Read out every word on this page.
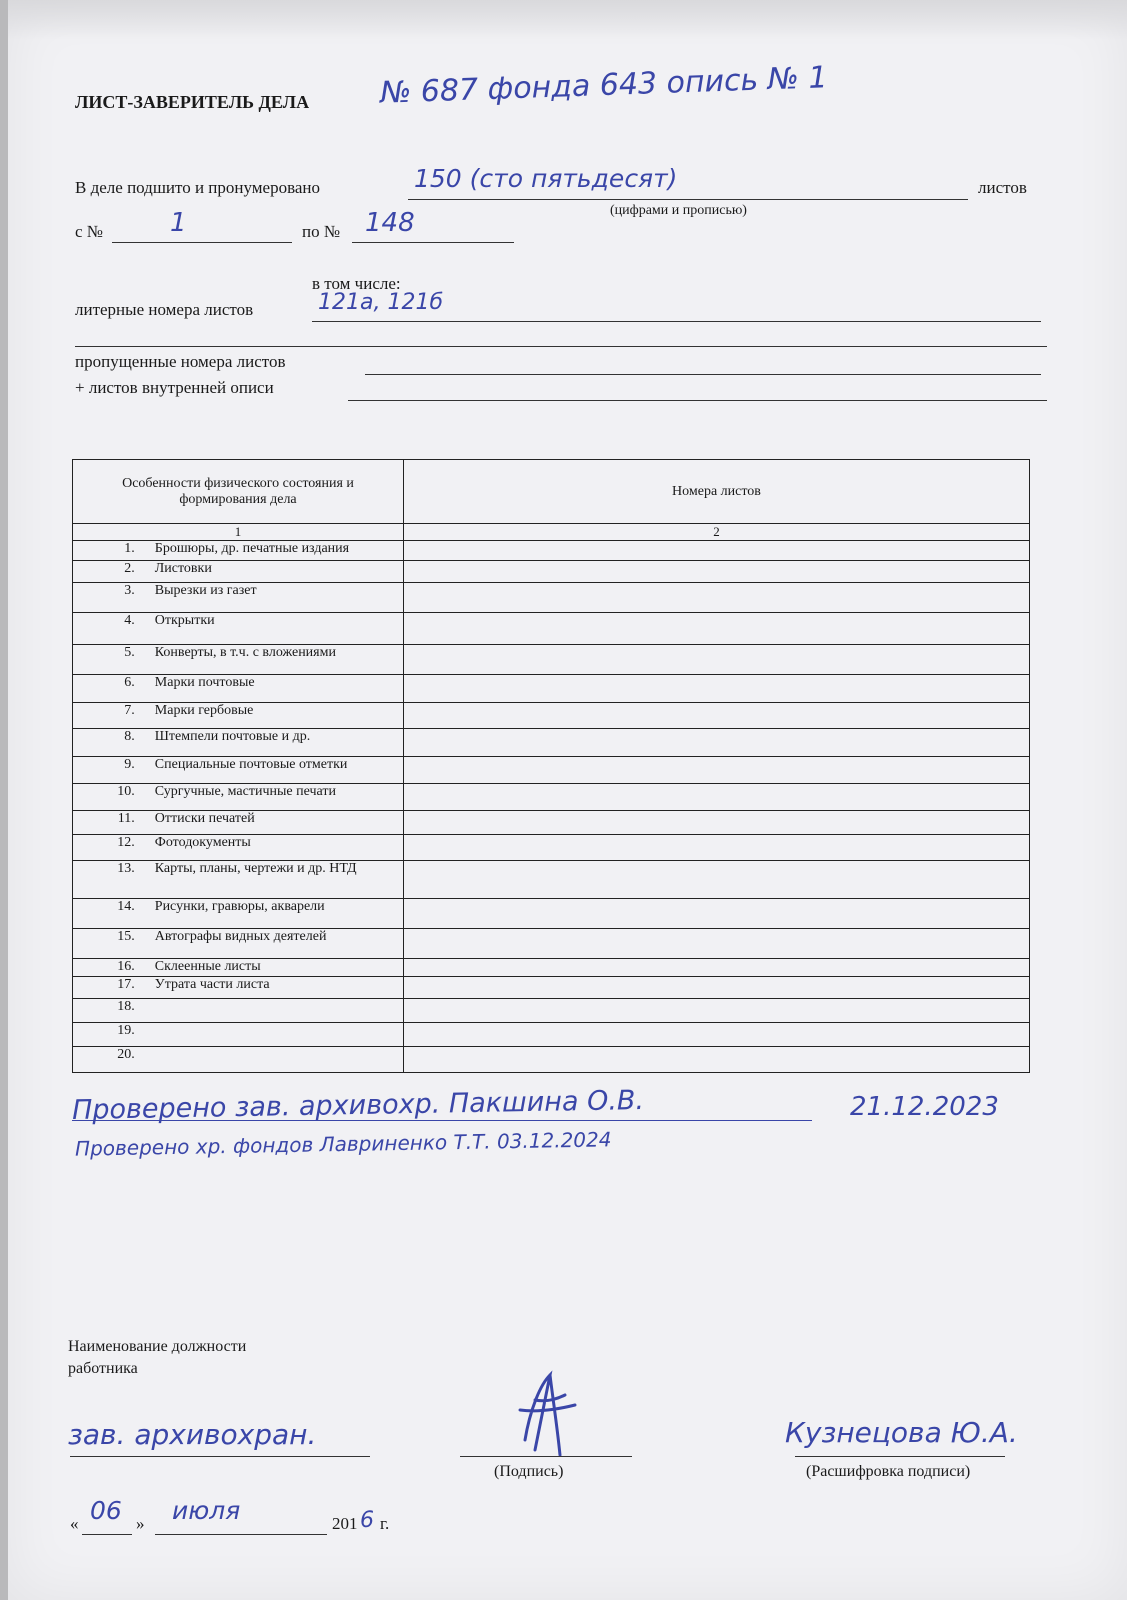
ЛИСТ-ЗАВЕРИТЕЛЬ ДЕЛА № 687 фонда 643 опись № 1
В деле подшито и пронумеровано	150 (сто пятьдесят)	листов
(цифрами и прописью)
с №	1	по № 148
в том числе:
литерные номера листов	121а, 121б
пропущенные номера листов
+ листов внутренней описи
Особенности физического состояния и формирования дела		Номера листов
1		2
1.	Брошюры, др. печатные издания	
2.	Листовки	
3.	Вырезки из газет	
4.	Открытки	
5.	Конверты, в т.ч. с вложениями	
6.	Марки почтовые	
7.	Марки гербовые	
8.	Штемпели почтовые и др.	
9.	Специальные почтовые отметки	
10.	Сургучные, мастичные печати	
11.	Оттиски печатей	
12.	Фотодокументы	
13.	Карты, планы, чертежи и др. НТД	
14.	Рисунки, гравюры, акварели	
15.	Автографы видных деятелей	
16.	Склеенные листы	
17.	Утрата части листа	
18.		
19.		
20.		
Проверено зав. архивохр. Пакшина О.В.	21.12.2023
Проверено хр. фондов Лавриненко Т.Т. 03.12.2024
Наименование должности
работника
зав. архивохран.
(Подпись)
Кузнецова Ю.А.
(Расшифровка подписи)
« 06 » июля	201 6 г.
